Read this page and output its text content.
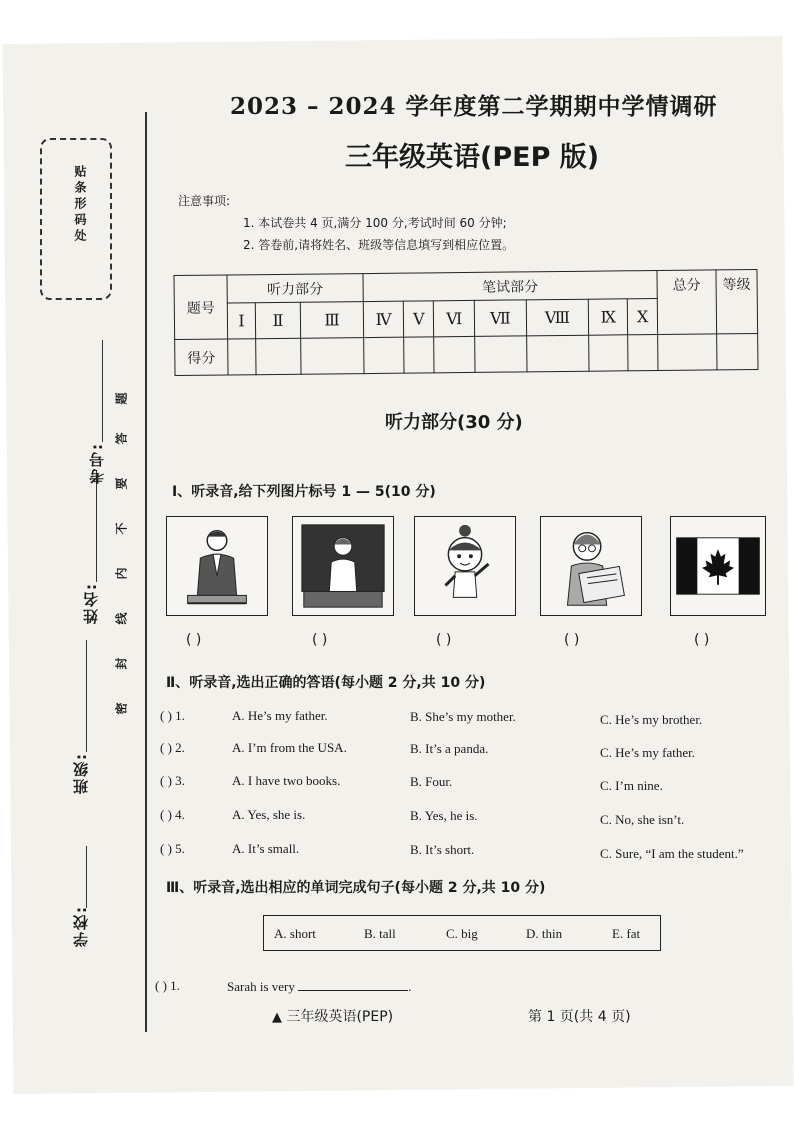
贴条形码处
学校:
班级:
姓名:
考号:
密
封
线
内
不
要
答
题
2023 – 2024 学年度第二学期期中学情调研
三年级英语(PEP 版)
注意事项:
1. 本试卷共 4 页,满分 100 分,考试时间 60 分钟;
2. 答卷前,请将姓名、班级等信息填写到相应位置。
题号	听力部分			笔试部分							总分	等级
	Ⅰ	Ⅱ	Ⅲ	Ⅳ	Ⅴ	Ⅵ	Ⅶ	Ⅷ	Ⅸ	Ⅹ		
得分												
听力部分(30 分)
Ⅰ、听录音,给下列图片标号 1 — 5(10 分)
( )	( )	( )	( )	( )
Ⅱ、听录音,选出正确的答语(每小题 2 分,共 10 分)
( ) 1.	A. He’s my father.	B. She’s my mother.	C. He’s my brother.
( ) 2.	A. I’m from the USA.	B. It’s a panda.	C. He’s my father.
( ) 3.	A. I have two books.	B. Four.	C. I’m nine.
( ) 4.	A. Yes, she is.	B. Yes, he is.	C. No, she isn’t.
( ) 5.	A. It’s small.	B. It’s short.	C. Sure, “I am the student.”
Ⅲ、听录音,选出相应的单词完成句子(每小题 2 分,共 10 分)
A. short	B. tall	C. big	D. thin	E. fat
( ) 1.	Sarah is very	.
▲ 三年级英语(PEP)	第 1 页(共 4 页)
